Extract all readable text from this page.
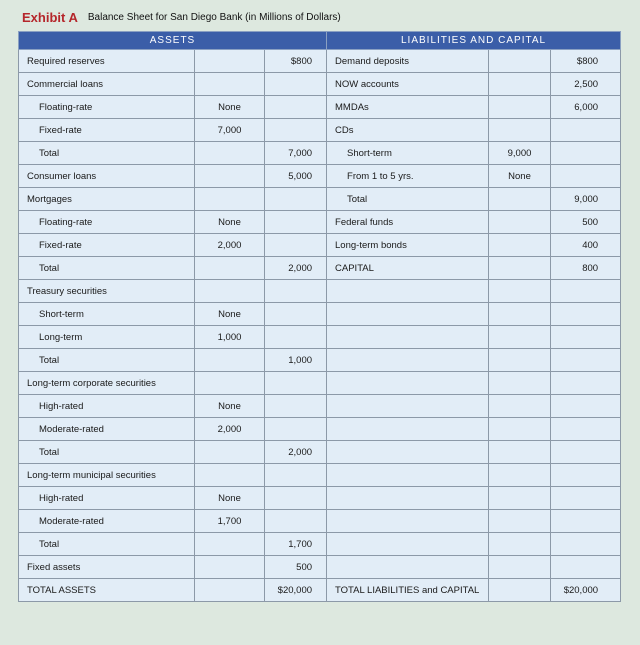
Exhibit A Balance Sheet for San Diego Bank (in Millions of Dollars)
ASSETS			LIABILITIES AND CAPITAL		
Required reserves		$800	Demand deposits		$800
Commercial loans			NOW accounts		2,500
Floating-rate	None		MMDAs		6,000
Fixed-rate	7,000		CDs		
Total		7,000	Short-term	9,000	
Consumer loans		5,000	From 1 to 5 yrs.	None	
Mortgages			Total		9,000
Floating-rate	None		Federal funds		500
Fixed-rate	2,000		Long-term bonds		400
Total		2,000	CAPITAL		800
Treasury securities					
Short-term	None				
Long-term	1,000				
Total		1,000			
Long-term corporate securities					
High-rated	None				
Moderate-rated	2,000				
Total		2,000			
Long-term municipal securities					
High-rated	None				
Moderate-rated	1,700				
Total		1,700			
Fixed assets		500			
TOTAL ASSETS		$20,000	TOTAL LIABILITIES and CAPITAL		$20,000
